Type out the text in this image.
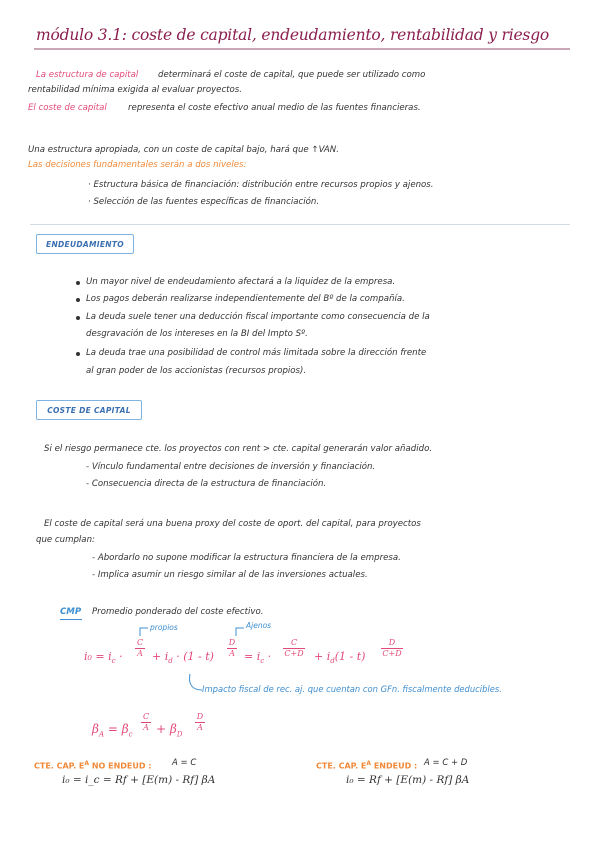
módulo 3.1: coste de capital, endeudamiento, rentabilidad y riesgo
La estructura de capital determinará el coste de capital, que puede ser utilizado como
rentabilidad mínima exigida al evaluar proyectos.
El coste de capital representa el coste efectivo anual medio de las fuentes financieras.
Una estructura apropiada, con un coste de capital bajo, hará que ↑VAN.
Las decisiones fundamentales serán a dos niveles:
· Estructura básica de financiación: distribución entre recursos propios y ajenos.
· Selección de las fuentes específicas de financiación.
ENDEUDAMIENTO
Un mayor nivel de endeudamiento afectará a la liquidez de la empresa.
Los pagos deberán realizarse independientemente del Bº de la compañía.
La deuda suele tener una deducción fiscal importante como consecuencia de la
desgravación de los intereses en la BI del Impto Sº.
La deuda trae una posibilidad de control más limitada sobre la dirección frente
al gran poder de los accionistas (recursos propios).
COSTE DE CAPITAL
Si el riesgo permanece cte. los proyectos con rent > cte. capital generarán valor añadido.
- Vínculo fundamental entre decisiones de inversión y financiación.
- Consecuencia directa de la estructura de financiación.
El coste de capital será una buena proxy del coste de oport. del capital, para proyectos
que cumplan:
- Abordarlo no supone modificar la estructura financiera de la empresa.
- Implica asumir un riesgo similar al de las inversiones actuales.
CMP Promedio ponderado del coste efectivo.
propios	Ajenos
$i_0 = i_c$ ·
C
$A + i_d \cdot (1 - t)$
D
$A = i_c$ ·
C
$C+D + i_d(1 - t)$
D
C+D
Impacto fiscal de rec. aj. que cuentan con GFn. fiscalmente deducibles.
$\beta_A = \beta_c$
C
$A + \beta_D$
D
A
CTE. CAP. $E^A$ NO ENDEUD : A = C
i₀ = i_c = Rf + [E(m) - Rf] βA
CTE. CAP. $E^A$ ENDEUD : A = C + D
i₀ = Rf + [E(m) - Rf] βA
